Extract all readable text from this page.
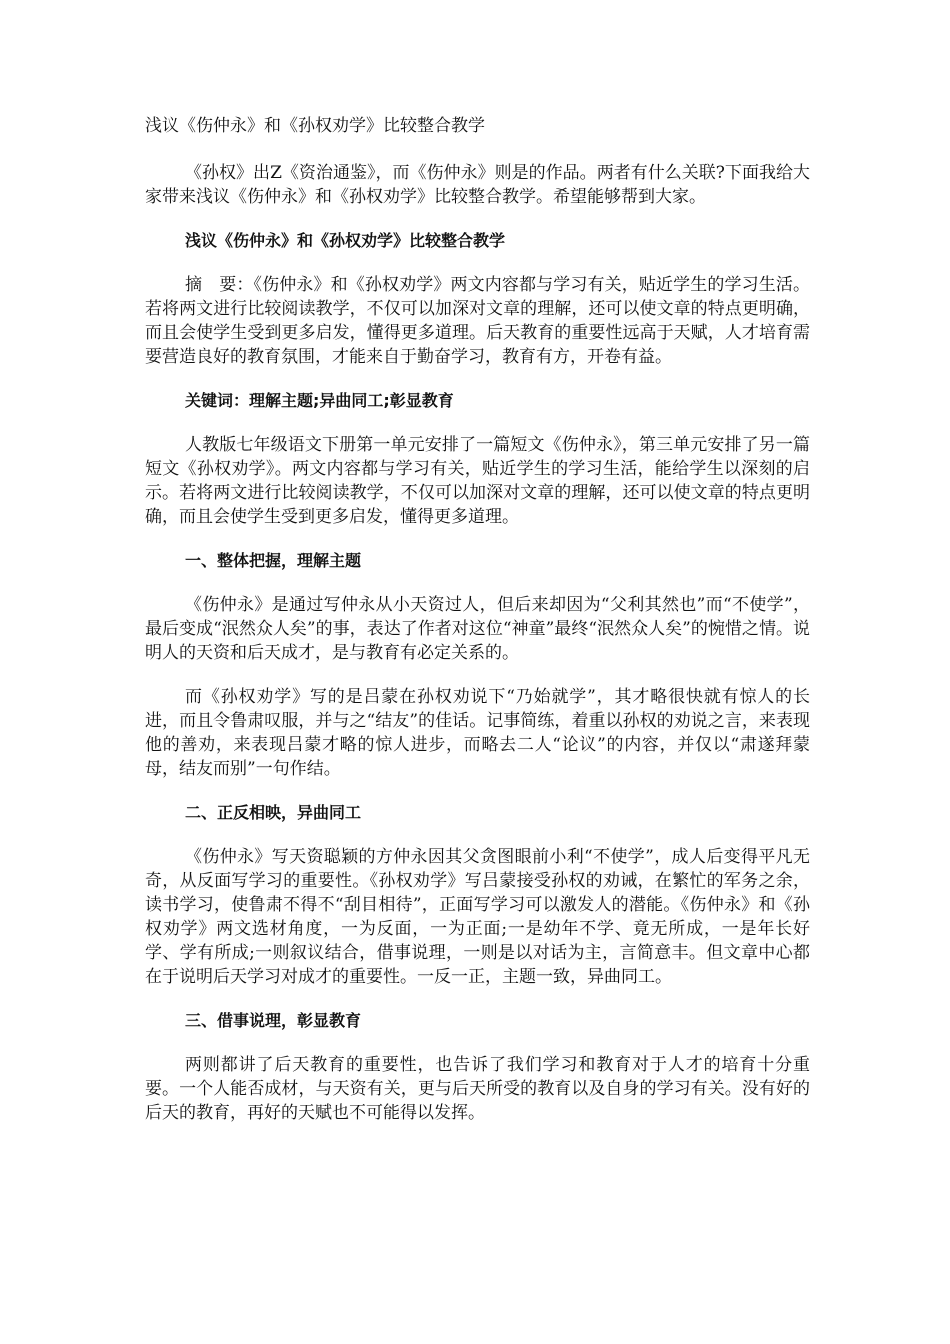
浅议《伤仲永》和《孙权劝学》比较整合教学

《孙权》出Z《资治通鉴》，而《伤仲永》则是的作品。两者有什么关联?下面我给大家带来浅议《伤仲永》和《孙权劝学》比较整合教学。希望能够帮到大家。

浅议《伤仲永》和《孙权劝学》比较整合教学

摘　要：《伤仲永》和《孙权劝学》两文内容都与学习有关，贴近学生的学习生活。若将两文进行比较阅读教学，不仅可以加深对文章的理解，还可以使文章的特点更明确，而且会使学生受到更多启发，懂得更多道理。后天教育的重要性远高于天赋，人才培育需要营造良好的教育氛围，才能来自于勤奋学习，教育有方，开卷有益。

关键词：理解主题;异曲同工;彰显教育

人教版七年级语文下册第一单元安排了一篇短文《伤仲永》，第三单元安排了另一篇短文《孙权劝学》。两文内容都与学习有关，贴近学生的学习生活，能给学生以深刻的启示。若将两文进行比较阅读教学，不仅可以加深对文章的理解，还可以使文章的特点更明确，而且会使学生受到更多启发，懂得更多道理。

一、整体把握，理解主题

《伤仲永》是通过写仲永从小天资过人，但后来却因为“父利其然也”而“不使学”，最后变成“泯然众人矣”的事，表达了作者对这位“神童”最终“泯然众人矣”的惋惜之情。说明人的天资和后天成才，是与教育有必定关系的。

而《孙权劝学》写的是吕蒙在孙权劝说下“乃始就学”，其才略很快就有惊人的长进，而且令鲁肃叹服，并与之“结友”的佳话。记事简练，着重以孙权的劝说之言，来表现他的善劝，来表现吕蒙才略的惊人进步，而略去二人“论议”的内容，并仅以“肃遂拜蒙母，结友而别”一句作结。

二、正反相映，异曲同工

《伤仲永》写天资聪颖的方仲永因其父贪图眼前小利“不使学”，成人后变得平凡无奇，从反面写学习的重要性。《孙权劝学》写吕蒙接受孙权的劝诫，在繁忙的军务之余，读书学习，使鲁肃不得不“刮目相待”，正面写学习可以激发人的潜能。《伤仲永》和《孙权劝学》两文选材角度，一为反面，一为正面;一是幼年不学、竟无所成，一是年长好学、学有所成;一则叙议结合，借事说理，一则是以对话为主，言简意丰。但文章中心都在于说明后天学习对成才的重要性。一反一正，主题一致，异曲同工。

三、借事说理，彰显教育

两则都讲了后天教育的重要性，也告诉了我们学习和教育对于人才的培育十分重要。一个人能否成材，与天资有关，更与后天所受的教育以及自身的学习有关。没有好的后天的教育，再好的天赋也不可能得以发挥。
